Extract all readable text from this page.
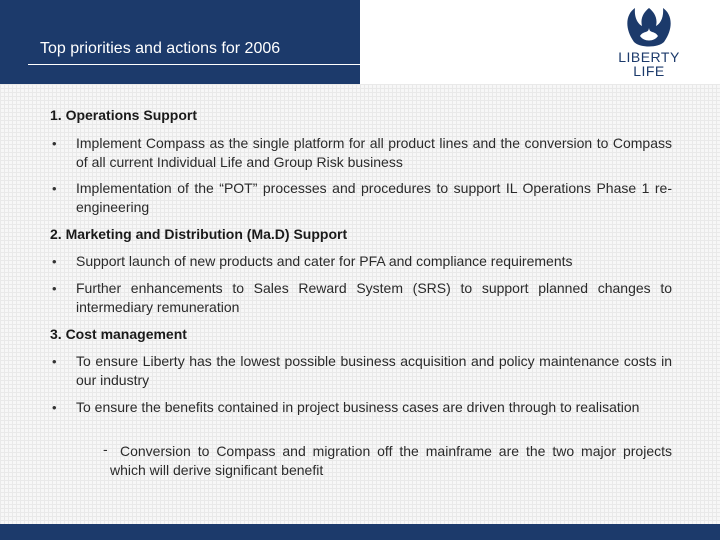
Top priorities and actions for 2006	LIBERTY
LIFE
1. Operations Support
• Implement Compass as the single platform for all product lines and the conversion to Compass of all current Individual Life and Group Risk business
• Implementation of the “POT” processes and procedures to support IL Operations Phase 1 re-engineering
2. Marketing and Distribution (Ma.D) Support
• Support launch of new products and cater for PFA and compliance requirements
• Further enhancements to Sales Reward System (SRS) to support planned changes to intermediary remuneration
3. Cost management
• To ensure Liberty has the lowest possible business acquisition and policy maintenance costs in our industry
• To ensure the benefits contained in project business cases are driven through to realisation
- Conversion to Compass and migration off the mainframe are the two major projects which will derive significant benefit
